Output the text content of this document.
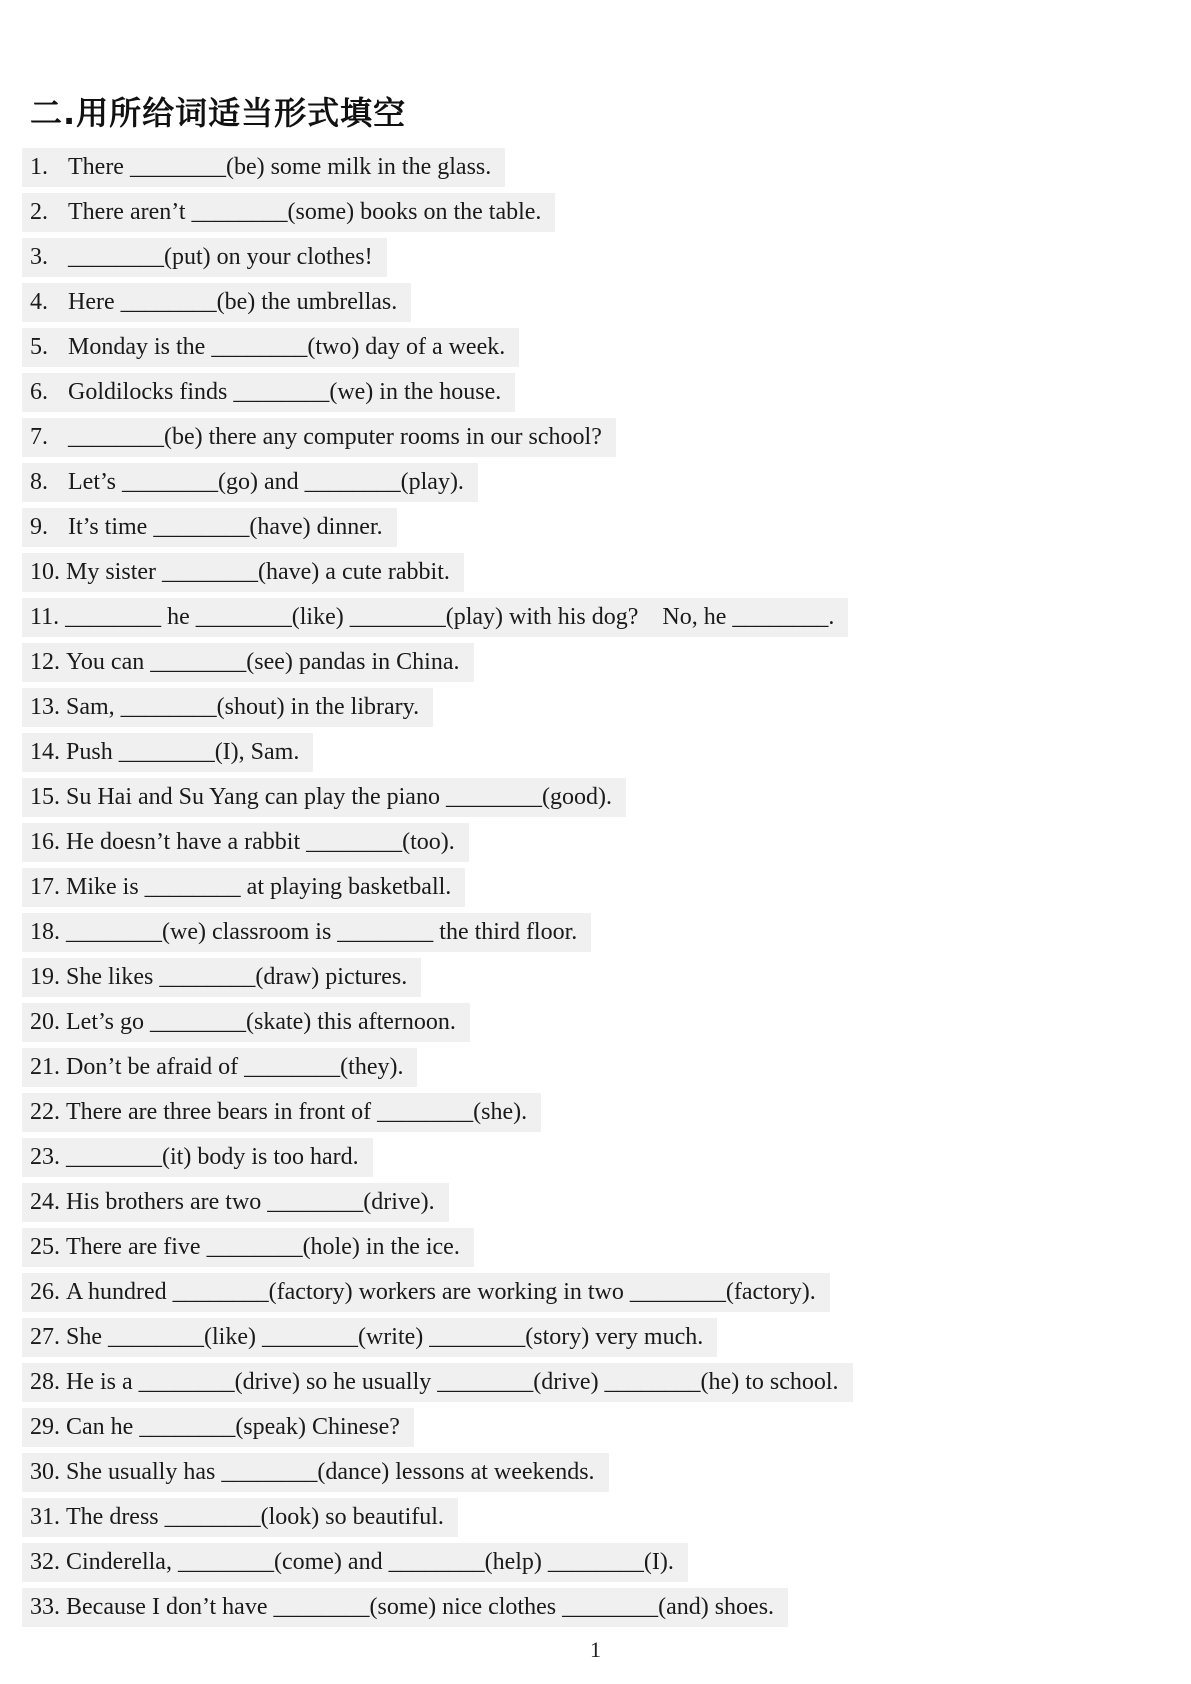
二.用所给词适当形式填空
1. There ________(be) some milk in the glass.
2. There aren’t ________(some) books on the table.
3. ________(put) on your clothes!
4. Here ________(be) the umbrellas.
5. Monday is the ________(two) day of a week.
6. Goldilocks finds ________(we) in the house.
7. ________(be) there any computer rooms in our school?
8. Let’s ________(go) and ________(play).
9. It’s time ________(have) dinner.
10. My sister ________(have) a cute rabbit.
11. ________ he ________(like) ________(play) with his dog?    No, he ________.
12. You can ________(see) pandas in China.
13. Sam, ________(shout) in the library.
14. Push ________(I), Sam.
15. Su Hai and Su Yang can play the piano ________(good).
16. He doesn’t have a rabbit ________(too).
17. Mike is ________ at playing basketball.
18. ________(we) classroom is ________ the third floor.
19. She likes ________(draw) pictures.
20. Let’s go ________(skate) this afternoon.
21. Don’t be afraid of ________(they).
22. There are three bears in front of ________(she).
23. ________(it) body is too hard.
24. His brothers are two ________(drive).
25. There are five ________(hole) in the ice.
26. A hundred ________(factory) workers are working in two ________(factory).
27. She ________(like) ________(write) ________(story) very much.
28. He is a ________(drive) so he usually ________(drive) ________(he) to school.
29. Can he ________(speak) Chinese?
30. She usually has ________(dance) lessons at weekends.
31. The dress ________(look) so beautiful.
32. Cinderella, ________(come) and ________(help) ________(I).
33. Because I don’t have ________(some) nice clothes ________(and) shoes.
1
